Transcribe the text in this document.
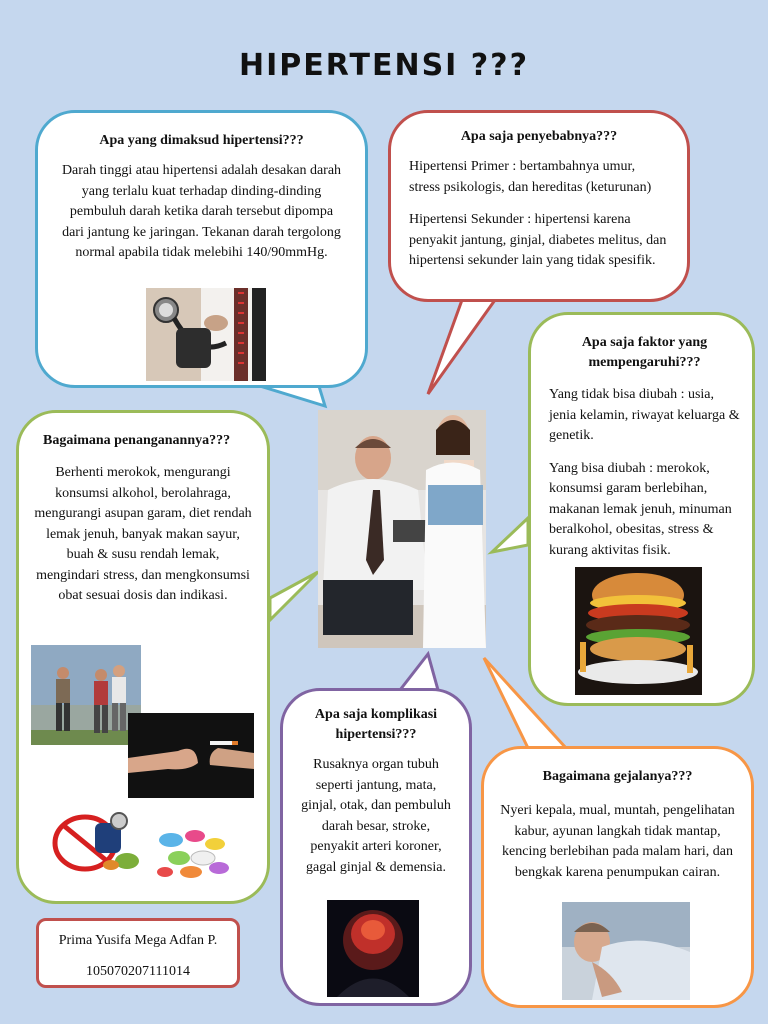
HIPERTENSI ???
Apa yang dimaksud hipertensi???

Darah tinggi atau hipertensi adalah desakan darah yang terlalu kuat terhadap dinding-dinding pembuluh darah ketika darah tersebut dipompa dari jantung ke jaringan. Tekanan darah tergolong normal apabila tidak melebihi 140/90mmHg.

Apa saja penyebabnya???

Hipertensi Primer : bertambahnya umur, stress psikologis, dan hereditas (keturunan)

Hipertensi Sekunder : hipertensi karena penyakit jantung, ginjal, diabetes melitus, dan hipertensi sekunder lain yang tidak spesifik.

Apa saja faktor yang mempengaruhi???

Yang tidak bisa diubah : usia, jenia kelamin, riwayat keluarga & genetik.

Yang bisa diubah : merokok, konsumsi garam berlebihan, makanan lemak jenuh, minuman beralkohol, obesitas, stress & kurang aktivitas fisik.

Bagaimana penanganannya???

Berhenti merokok, mengurangi konsumsi alkohol, berolahraga, mengurangi asupan garam, diet rendah lemak jenuh, banyak makan sayur, buah & susu rendah lemak, mengindari stress, dan mengkonsumsi obat sesuai dosis dan indikasi.

Apa saja komplikasi hipertensi???

Rusaknya organ tubuh seperti jantung, mata, ginjal, otak, dan pembuluh darah besar, stroke, penyakit arteri koroner, gagal ginjal & demensia.

Bagaimana gejalanya???

Nyeri kepala, mual, muntah, pengelihatan kabur, ayunan langkah tidak mantap, kencing berlebihan pada malam hari, dan bengkak karena penumpukan cairan.

Prima Yusifa Mega Adfan P.

105070207111014
